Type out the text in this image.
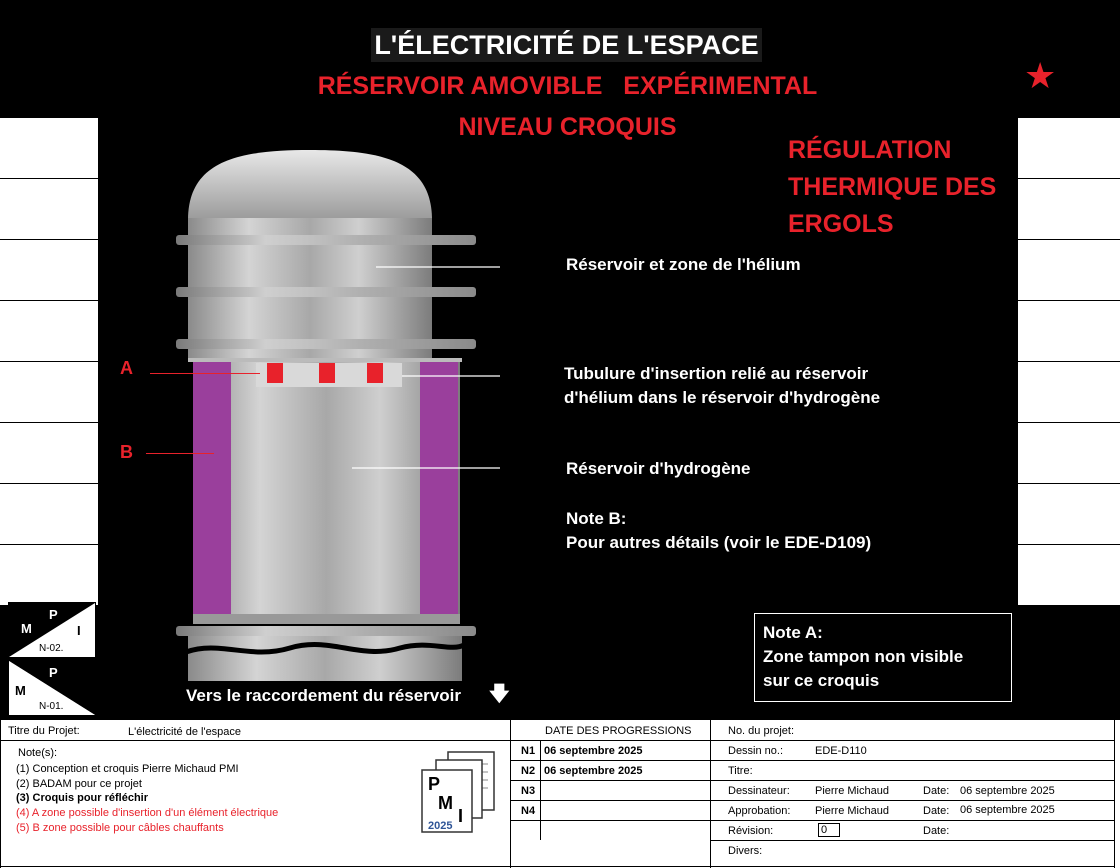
L'ÉLECTRICITÉ DE L'ESPACE
RÉSERVOIR AMOVIBLE   EXPÉRIMENTAL
NIVEAU CROQUIS
RÉGULATION THERMIQUE DES ERGOLS
★
A
B
Réservoir et zone de l'hélium
Tubulure d'insertion relié au réservoir
d'hélium dans le réservoir d'hydrogène
Réservoir d'hydrogène
Note B:
Pour autres détails (voir le EDE-D109)
Vers le raccordement du réservoir 🡇
Note A:
Zone tampon non visible
sur ce croquis
M
P
I
N-02.
M
P
I
N-01.
Titre du Projet:	L'électricité de l'espace
Note(s):
(1) Conception et croquis Pierre Michaud PMI
(2) BADAM pour ce projet
(3) Croquis pour réfléchir
(4) A zone possible d'insertion d'un élément électrique
(5) B zone possible pour câbles chauffants
P
M
I
2025
DATE DES PROGRESSIONS
N1 06 septembre 2025
N2 06 septembre 2025
N3
N4
No. du projet:
Dessin no.:	EDE-D110
Titre:
Dessinateur: Pierre Michaud	Date: 06 septembre 2025
Approbation: Pierre Michaud	Date: 06 septembre 2025
Révision:	0	Date:
Divers:
